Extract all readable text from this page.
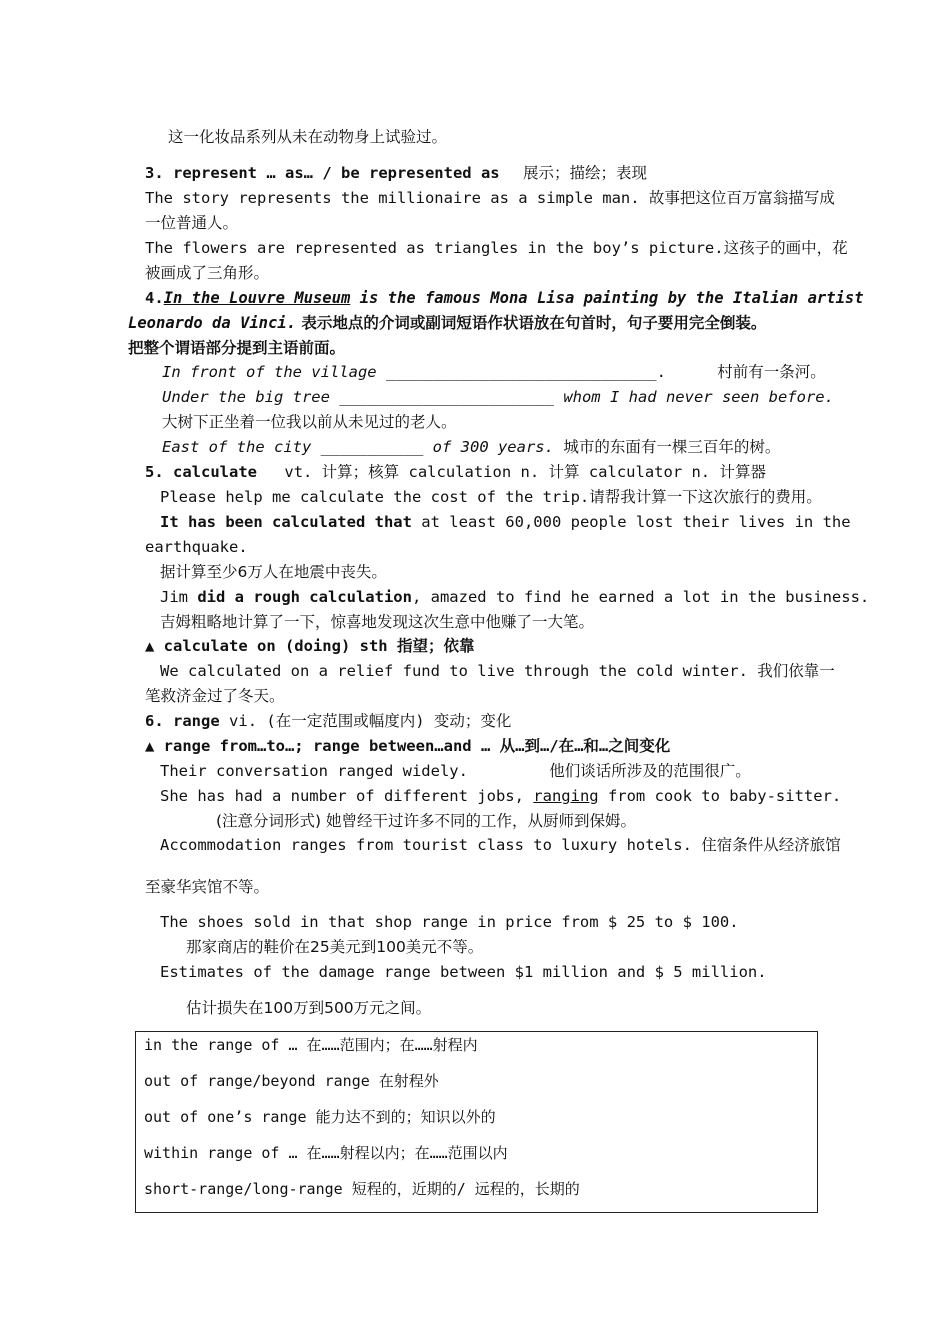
这一化妆品系列从未在动物身上试验过。
3. represent … as… / be represented as 展示；描绘；表现
The story represents the millionaire as a simple man. 故事把这位百万富翁描写成
一位普通人。
The flowers are represented as triangles in the boy’s picture.这孩子的画中，花
被画成了三角形。
4.In the Louvre Museum is the famous Mona Lisa painting by the Italian artist
Leonardo da Vinci. 表示地点的介词或副词短语作状语放在句首时，句子要用完全倒装。
把整个谓语部分提到主语前面。
In front of the village _____________________________.	村前有一条河。
Under the big tree _______________________ whom I had never seen before.
大树下正坐着一位我以前从未见过的老人。
East of the city ___________ of 300 years. 城市的东面有一棵三百年的树。
5. calculate vt. 计算；核算 calculation n. 计算 calculator n. 计算器
Please help me calculate the cost of the trip.请帮我计算一下这次旅行的费用。
It has been calculated that at least 60,000 people lost their lives in the
earthquake.
据计算至少6万人在地震中丧失。
Jim did a rough calculation, amazed to find he earned a lot in the business.
吉姆粗略地计算了一下，惊喜地发现这次生意中他赚了一大笔。
▲ calculate on (doing) sth 指望；依靠
We calculated on a relief fund to live through the cold winter. 我们依靠一
笔救济金过了冬天。
6. range vi. (在一定范围或幅度内) 变动；变化
▲ range from…to…; range between…and … 从…到…/在…和…之间变化
Their conversation ranged widely.	他们谈话所涉及的范围很广。
She has had a number of different jobs, ranging from cook to baby-sitter.
(注意分词形式) 她曾经干过许多不同的工作，从厨师到保姆。
Accommodation ranges from tourist class to luxury hotels. 住宿条件从经济旅馆
至豪华宾馆不等。
The shoes sold in that shop range in price from $ 25 to $ 100.
那家商店的鞋价在25美元到100美元不等。
Estimates of the damage range between $1 million and $ 5 million.
估计损失在100万到500万元之间。
in the range of … 在……范围内；在……射程内
out of range/beyond range 在射程外
out of one’s range 能力达不到的；知识以外的
within range of … 在……射程以内；在……范围以内
short-range/long-range 短程的，近期的/ 远程的，长期的
